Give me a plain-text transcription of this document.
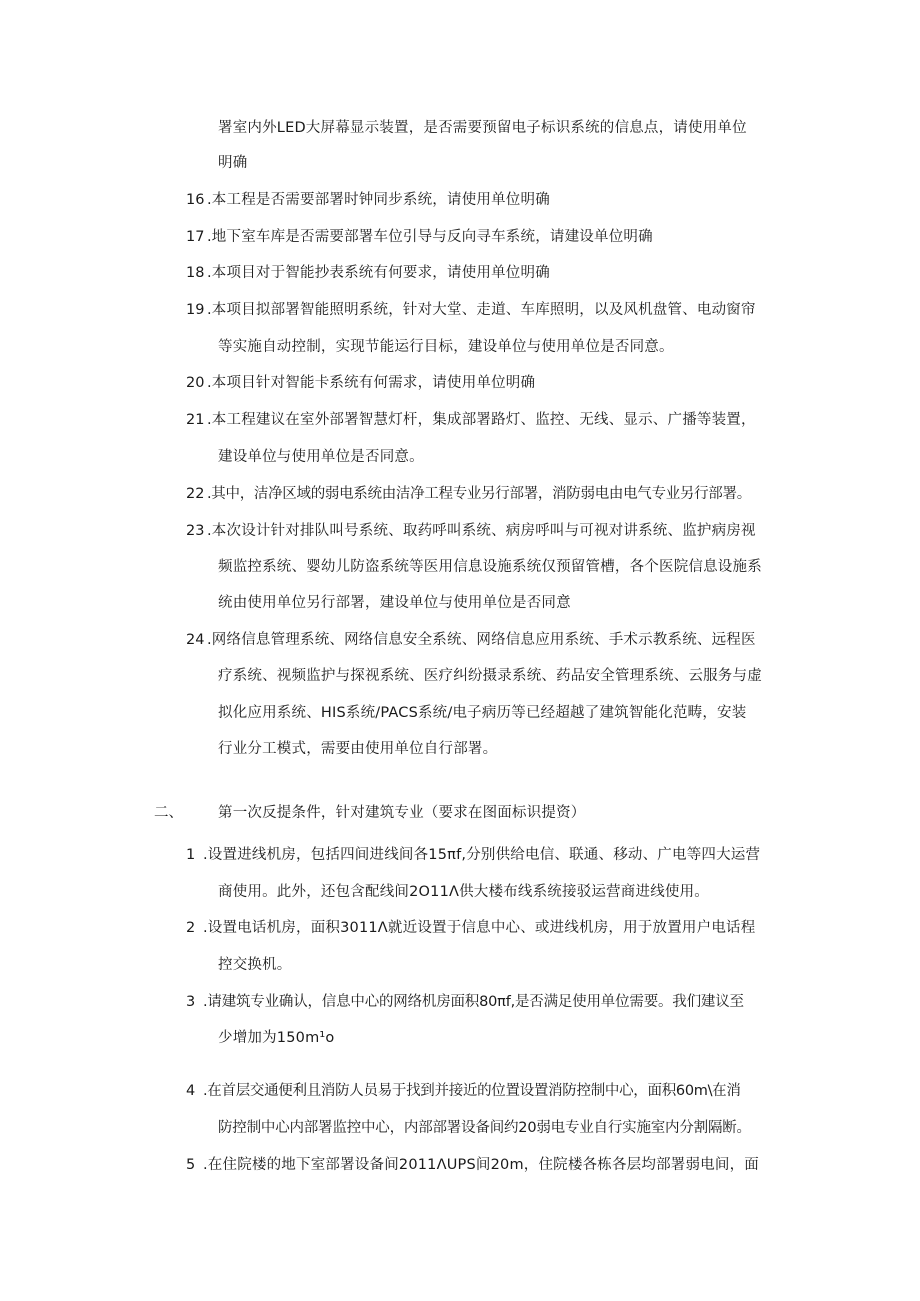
署室内外LED大屏幕显示装置，是否需要预留电子标识系统的信息点，请使用单位
明确
16 .本工程是否需要部署时钟同步系统，请使用单位明确
17 .地下室车库是否需要部署车位引导与反向寻车系统，请建设单位明确
18 .本项目对于智能抄表系统有何要求，请使用单位明确
19 .本项目拟部署智能照明系统，针对大堂、走道、车库照明，以及风机盘管、电动窗帘
等实施自动控制，实现节能运行目标，建设单位与使用单位是否同意。
20 .本项目针对智能卡系统有何需求，请使用单位明确
21 .本工程建议在室外部署智慧灯杆，集成部署路灯、监控、无线、显示、广播等装置，
建设单位与使用单位是否同意。
22 .其中，洁净区域的弱电系统由洁净工程专业另行部署，消防弱电由电气专业另行部署。
23 .本次设计针对排队叫号系统、取药呼叫系统、病房呼叫与可视对讲系统、监护病房视
频监控系统、婴幼儿防盗系统等医用信息设施系统仅预留管槽，各个医院信息设施系
统由使用单位另行部署，建设单位与使用单位是否同意
24 .网络信息管理系统、网络信息安全系统、网络信息应用系统、手术示教系统、远程医
疗系统、视频监护与探视系统、医疗纠纷摄录系统、药品安全管理系统、云服务与虚
拟化应用系统、HIS系统/PACS系统/电子病历等已经超越了建筑智能化范畴，安装
行业分工模式，需要由使用单位自行部署。
二、 第一次反提条件，针对建筑专业（要求在图面标识提资）
1 .设置进线机房，包括四间进线间各15πf,分别供给电信、联通、移动、广电等四大运营
商使用。此外，还包含配线间2O11Λ供大楼布线系统接驳运营商进线使用。
2 .设置电话机房，面积3011Λ就近设置于信息中心、或进线机房，用于放置用户电话程
控交换机。
3 .请建筑专业确认，信息中心的网络机房面积80πf,是否满足使用单位需要。我们建议至
少增加为150m¹o
4 .在首层交通便利且消防人员易于找到并接近的位置设置消防控制中心，面积60m\在消
防控制中心内部署监控中心，内部部署设备间约20弱电专业自行实施室内分割隔断。
5 .在住院楼的地下室部署设备间2011ΛUPS间20m，住院楼各栋各层均部署弱电间，面
